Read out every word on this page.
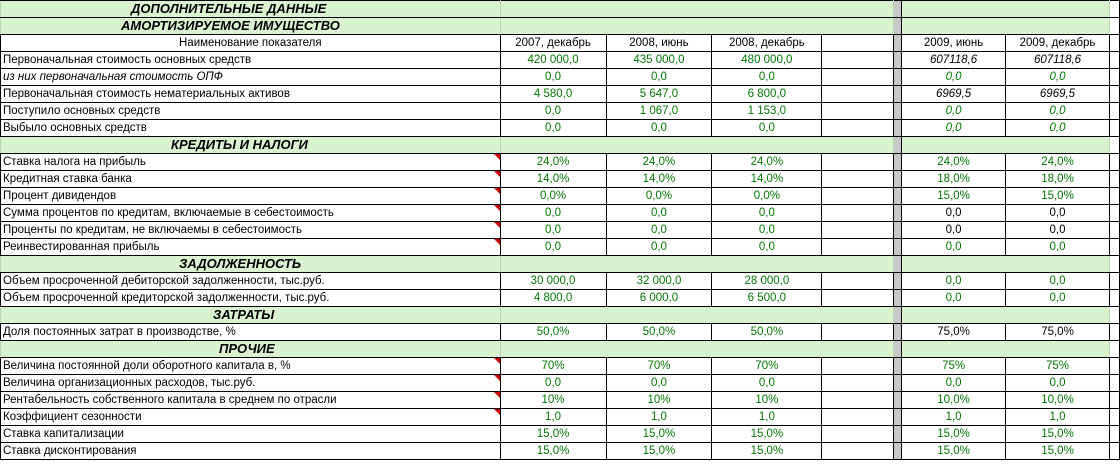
ДОПОЛНИТЕЛЬНЫЕ ДАННЫЕ								
АМОРТИЗИРУЕМОЕ ИМУЩЕСТВО								
Наименование показателя	2007, декабрь	2008, июнь	2008, декабрь			2009, июнь	2009, декабрь	
Первоначальная стоимость основных средств	420 000,0	435 000,0	480 000,0			607118,6	607118,6	
из них первоначальная стоимость ОПФ	0,0	0,0	0,0			0,0	0,0	
Первоначальная стоимость нематериальных активов	4 580,0	5 647,0	6 800,0			6969,5	6969,5	
Поступило основных средств	0,0	1 067,0	1 153,0			0,0	0,0	
Выбыло основных средств	0,0	0,0	0,0			0,0	0,0	
КРЕДИТЫ И НАЛОГИ								
Ставка налога на прибыль	24,0%	24,0%	24,0%			24,0%	24,0%	
Кредитная ставка банка	14,0%	14,0%	14,0%			18,0%	18,0%	
Процент дивидендов	0,0%	0,0%	0,0%			15,0%	15,0%	
Сумма процентов по кредитам, включаемые в себестоимость	0,0	0,0	0,0			0,0	0,0	
Проценты по кредитам, не включаемы в себестоимость	0,0	0,0	0,0			0,0	0,0	
Реинвестированная прибыль	0,0	0,0	0,0			0,0	0,0	
ЗАДОЛЖЕННОСТЬ								
Объем просроченной дебиторской задолженности, тыс.руб.	30 000,0	32 000,0	28 000,0			0,0	0,0	
Объем просроченной кредиторской задолженности, тыс.руб.	4 800,0	6 000,0	6 500,0			0,0	0,0	
ЗАТРАТЫ								
Доля постоянных затрат в производстве, %	50,0%	50,0%	50,0%			75,0%	75,0%	
ПРОЧИЕ								
Величина постоянной доли оборотного капитала в, %	70%	70%	70%			75%	75%	
Величина организационных расходов, тыс.руб.	0,0	0,0	0,0			0,0	0,0	
Рентабельность собственного капитала в среднем по отрасли	10%	10%	10%			10,0%	10,0%	
Коэффициент сезонности	1,0	1,0	1,0			1,0	1,0	
Ставка капитализации	15,0%	15,0%	15,0%			15,0%	15,0%	
Ставка дисконтирования	15,0%	15,0%	15,0%			15,0%	15,0%	
